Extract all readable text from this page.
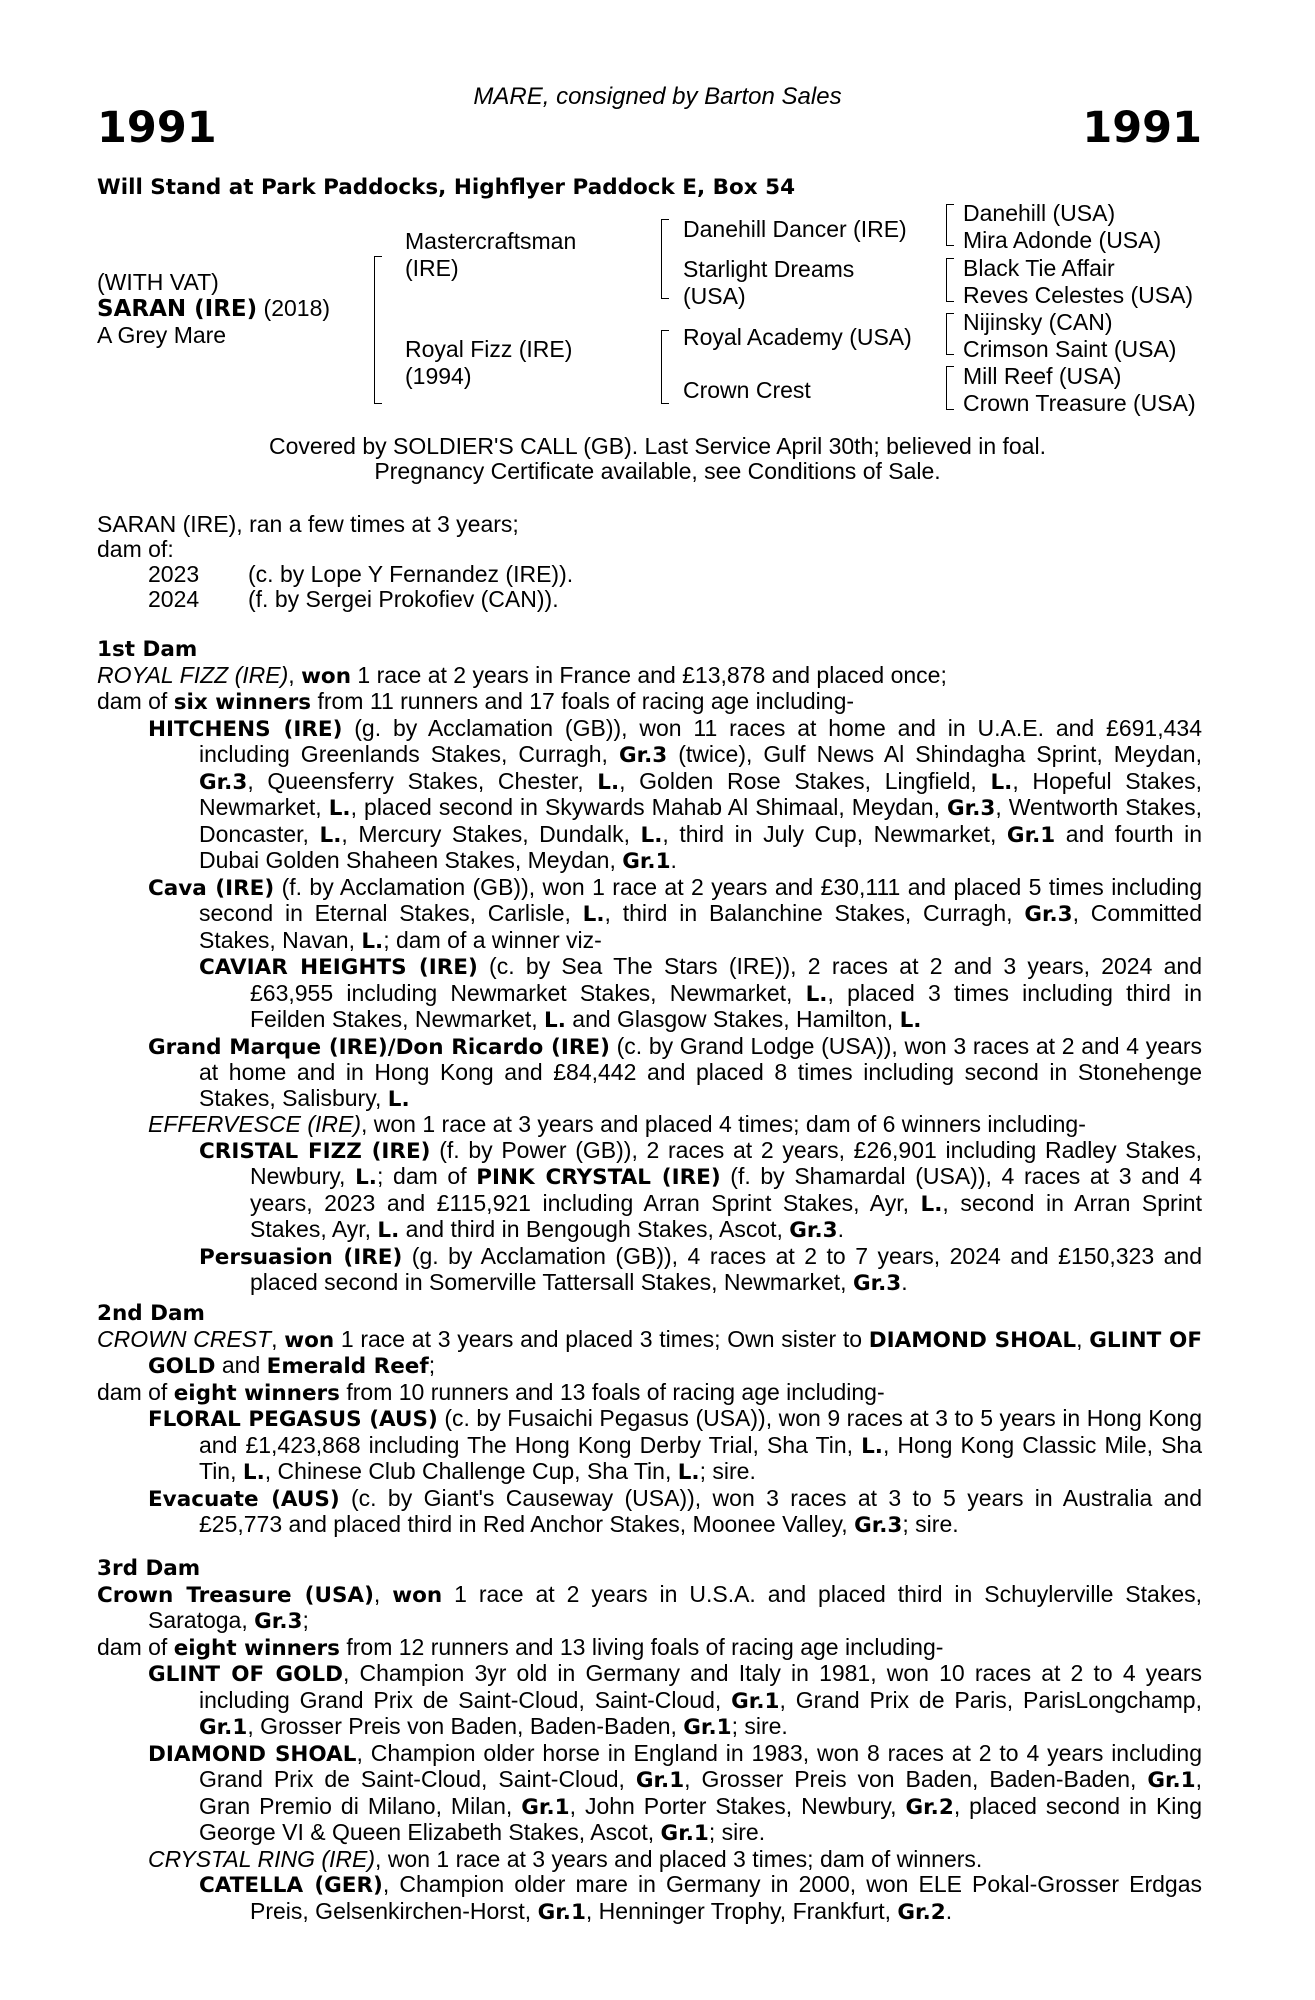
MARE, consigned by Barton Sales
1991	1991
Will Stand at Park Paddocks, Highflyer Paddock E, Box 54
(WITH VAT)
SARAN (IRE) (2018)
A Grey Mare
Mastercraftsman
(IRE)
Royal Fizz (IRE)
(1994)
Danehill Dancer (IRE)
Starlight Dreams
(USA)
Royal Academy (USA)
Crown Crest
Danehill (USA)
Mira Adonde (USA)
Black Tie Affair
Reves Celestes (USA)
Nijinsky (CAN)
Crimson Saint (USA)
Mill Reef (USA)
Crown Treasure (USA)
Covered by SOLDIER'S CALL (GB). Last Service April 30th; believed in foal.
Pregnancy Certificate available, see Conditions of Sale.
SARAN (IRE), ran a few times at 3 years;
dam of:
2023 (c. by Lope Y Fernandez (IRE)).
2024 (f. by Sergei Prokofiev (CAN)).

1st Dam

ROYAL FIZZ (IRE), won 1 race at 2 years in France and £13,878 and placed once;

dam of six winners from 11 runners and 17 foals of racing age including-

HITCHENS (IRE) (g. by Acclamation (GB)), won 11 races at home and in U.A.E. and £691,434 including Greenlands Stakes, Curragh, Gr.3 (twice), Gulf News Al Shindagha Sprint, Meydan, Gr.3, Queensferry Stakes, Chester, L., Golden Rose Stakes, Lingfield, L., Hopeful Stakes, Newmarket, L., placed second in Skywards Mahab Al Shimaal, Meydan, Gr.3, Wentworth Stakes, Doncaster, L., Mercury Stakes, Dundalk, L., third in July Cup, Newmarket, Gr.1 and fourth in Dubai Golden Shaheen Stakes, Meydan, Gr.1.

Cava (IRE) (f. by Acclamation (GB)), won 1 race at 2 years and £30,111 and placed 5 times including second in Eternal Stakes, Carlisle, L., third in Balanchine Stakes, Curragh, Gr.3, Committed Stakes, Navan, L.; dam of a winner viz-

CAVIAR HEIGHTS (IRE) (c. by Sea The Stars (IRE)), 2 races at 2 and 3 years, 2024 and £63,955 including Newmarket Stakes, Newmarket, L., placed 3 times including third in Feilden Stakes, Newmarket, L. and Glasgow Stakes, Hamilton, L.

Grand Marque (IRE)/Don Ricardo (IRE) (c. by Grand Lodge (USA)), won 3 races at 2 and 4 years at home and in Hong Kong and £84,442 and placed 8 times including second in Stonehenge Stakes, Salisbury, L.

EFFERVESCE (IRE), won 1 race at 3 years and placed 4 times; dam of 6 winners including-

CRISTAL FIZZ (IRE) (f. by Power (GB)), 2 races at 2 years, £26,901 including Radley Stakes, Newbury, L.; dam of PINK CRYSTAL (IRE) (f. by Shamardal (USA)), 4 races at 3 and 4 years, 2023 and £115,921 including Arran Sprint Stakes, Ayr, L., second in Arran Sprint Stakes, Ayr, L. and third in Bengough Stakes, Ascot, Gr.3.

Persuasion (IRE) (g. by Acclamation (GB)), 4 races at 2 to 7 years, 2024 and £150,323 and placed second in Somerville Tattersall Stakes, Newmarket, Gr.3.

2nd Dam

CROWN CREST, won 1 race at 3 years and placed 3 times; Own sister to DIAMOND SHOAL, GLINT OF GOLD and Emerald Reef;

dam of eight winners from 10 runners and 13 foals of racing age including-

FLORAL PEGASUS (AUS) (c. by Fusaichi Pegasus (USA)), won 9 races at 3 to 5 years in Hong Kong and £1,423,868 including The Hong Kong Derby Trial, Sha Tin, L., Hong Kong Classic Mile, Sha Tin, L., Chinese Club Challenge Cup, Sha Tin, L.; sire.

Evacuate (AUS) (c. by Giant's Causeway (USA)), won 3 races at 3 to 5 years in Australia and £25,773 and placed third in Red Anchor Stakes, Moonee Valley, Gr.3; sire.

3rd Dam

Crown Treasure (USA), won 1 race at 2 years in U.S.A. and placed third in Schuylerville Stakes, Saratoga, Gr.3;

dam of eight winners from 12 runners and 13 living foals of racing age including-

GLINT OF GOLD, Champion 3yr old in Germany and Italy in 1981, won 10 races at 2 to 4 years including Grand Prix de Saint-Cloud, Saint-Cloud, Gr.1, Grand Prix de Paris, ParisLongchamp, Gr.1, Grosser Preis von Baden, Baden-Baden, Gr.1; sire.

DIAMOND SHOAL, Champion older horse in England in 1983, won 8 races at 2 to 4 years including Grand Prix de Saint-Cloud, Saint-Cloud, Gr.1, Grosser Preis von Baden, Baden-Baden, Gr.1, Gran Premio di Milano, Milan, Gr.1, John Porter Stakes, Newbury, Gr.2, placed second in King George VI & Queen Elizabeth Stakes, Ascot, Gr.1; sire.

CRYSTAL RING (IRE), won 1 race at 3 years and placed 3 times; dam of winners.

CATELLA (GER), Champion older mare in Germany in 2000, won ELE Pokal-Grosser Erdgas Preis, Gelsenkirchen-Horst, Gr.1, Henninger Trophy, Frankfurt, Gr.2.
